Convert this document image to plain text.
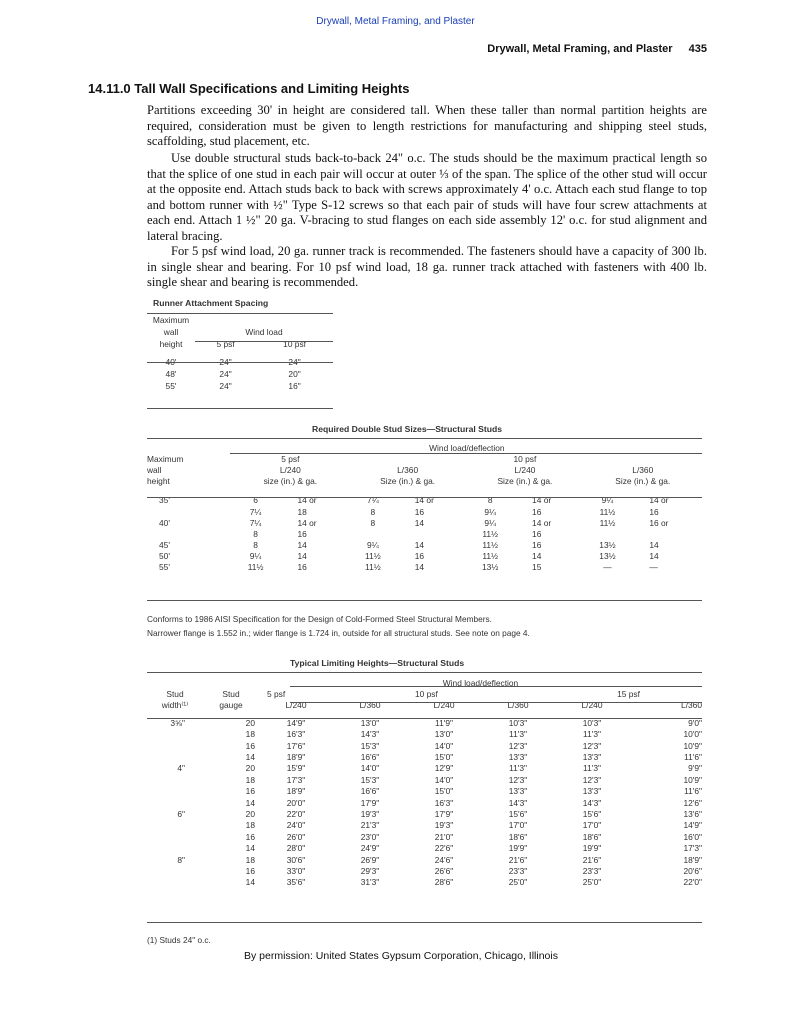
Drywall, Metal Framing, and Plaster
Drywall, Metal Framing, and Plaster 435
14.11.0 Tall Wall Specifications and Limiting Heights
Partitions exceeding 30' in height are considered tall. When these taller than normal partition heights are required, consideration must be given to length restrictions for manufacturing and shipping steel studs, scaffolding, stud placement, etc.
Use double structural studs back-to-back 24" o.c. The studs should be the maximum practical length so that the splice of one stud in each pair will occur at outer ⅓ of the span. The splice of the other stud will occur at the opposite end. Attach studs back to back with screws approximately 4' o.c. Attach each stud flange to top and bottom runner with ½" Type S-12 screws so that each pair of studs will have four screw attachments at each end. Attach 1 ½" 20 ga. V-bracing to stud flanges on each side assembly 12' o.c. for stud alignment and lateral bracing.
For 5 psf wind load, 20 ga. runner track is recommended. The fasteners should have a capacity of 300 lb. in single shear and bearing. For 10 psf wind load, 18 ga. runner track attached with fasteners with 400 lb. single shear and bearing is recommended.
Runner Attachment Spacing
Maximum		
wall	Wind load	
height	5 psf	10 psf

40'	24"	24"
48'	24"	20"
55'	24"	16"
Required Double Stud Sizes—Structural Studs
	Wind load/deflection							
Maximum	5 psf				10 psf			
wall	L/240		L/360		L/240		L/360	
height	size (in.) & ga.		Size (in.) & ga.		Size (in.) & ga.		Size (in.) & ga.	

35'	6	14 or	7¼	14 or	8	14 or	9¼	14 or
	7¼	18	8	16	9¼	16	11½	16
40'	7¼	14 or	8	14	9¼	14 or	11½	16 or
	8	16			11½	16		
45'	8	14	9¼	14	11½	16	13½	14
50'	9¼	14	11½	16	11½	14	13½	14
55'	11½	16	11½	14	13½	15	—	—
Conforms to 1986 AISI Specification for the Design of Cold-Formed Steel Structural Members.
Narrower flange is 1.552 in.; wider flange is 1.724 in, outside for all structural studs. See note on page 4.
Typical Limiting Heights—Structural Studs
		Wind load/deflection					
Stud	Stud	5 psf		10 psf		15 psf	
width⁽¹⁾	gauge	L/240	L/360	L/240	L/360	L/240	L/360

3⅝"	20	14'9"	13'0"	11'9"	10'3"	10'3"	9'0"
	18	16'3"	14'3"	13'0"	11'3"	11'3"	10'0"
	16	17'6"	15'3"	14'0"	12'3"	12'3"	10'9"
	14	18'9"	16'6"	15'0"	13'3"	13'3"	11'6"
4"	20	15'9"	14'0"	12'9"	11'3"	11'3"	9'9"
	18	17'3"	15'3"	14'0"	12'3"	12'3"	10'9"
	16	18'9"	16'6"	15'0"	13'3"	13'3"	11'6"
	14	20'0"	17'9"	16'3"	14'3"	14'3"	12'6"
6"	20	22'0"	19'3"	17'9"	15'6"	15'6"	13'6"
	18	24'0"	21'3"	19'3"	17'0"	17'0"	14'9"
	16	26'0"	23'0"	21'0"	18'6"	18'6"	16'0"
	14	28'0"	24'9"	22'6"	19'9"	19'9"	17'3"
8"	18	30'6"	26'9"	24'6"	21'6"	21'6"	18'9"
	16	33'0"	29'3"	26'6"	23'3"	23'3"	20'6"
	14	35'6"	31'3"	28'6"	25'0"	25'0"	22'0"
(1) Studs 24" o.c.
By permission: United States Gypsum Corporation, Chicago, Illinois
